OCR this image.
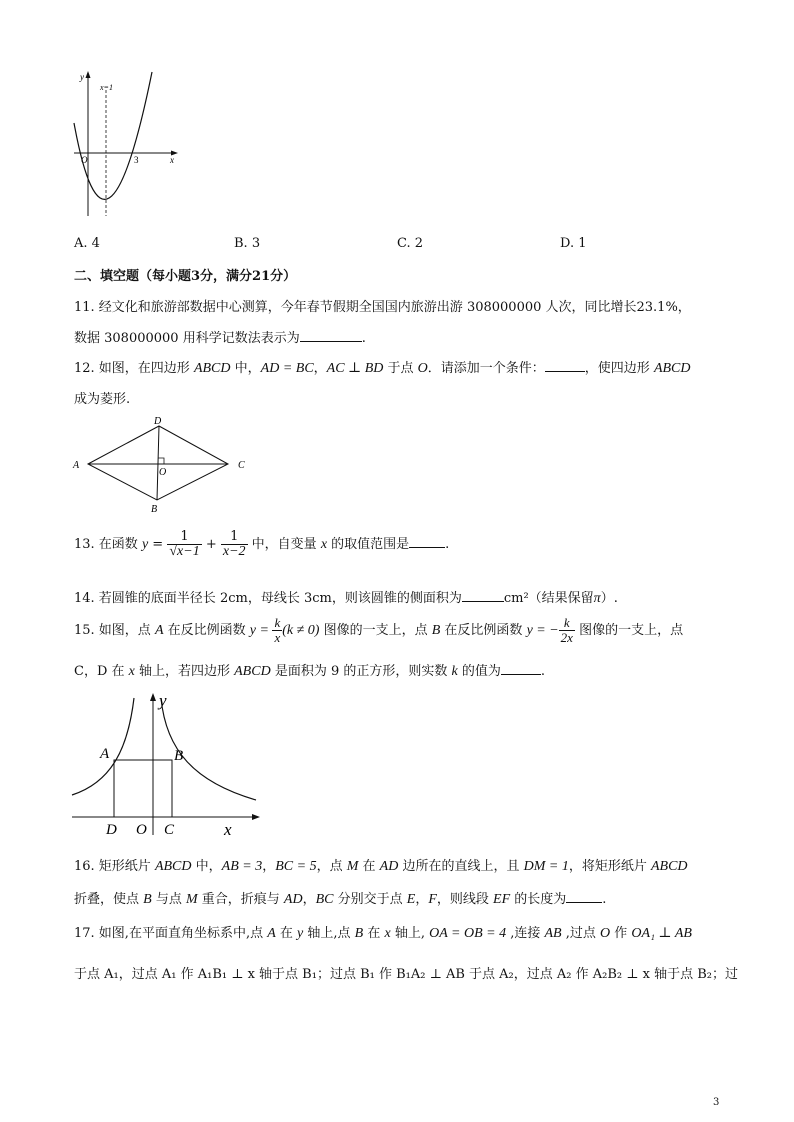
y
x
O
x=1
3
A. 4	B. 3	C. 2	D. 1
二、填空题（每小题3分，满分21分）
11. 经文化和旅游部数据中心测算，今年春节假期全国国内旅游出游 308000000 人次，同比增长23.1%，
数据 308000000 用科学记数法表示为	.
12. 如图，在四边形 ABCD 中，AD = BC，AC ⊥ BD 于点 O．请添加一个条件：	，使四边形 ABCD
成为菱形.
D
A	C
B
O
13. 在函数 $y = \frac{1}{√x-1} + \frac{1}{x-2}$ 中，自变量 x 的取值范围是	.
14. 若圆锥的底面半径长 2cm，母线长 3cm，则该圆锥的侧面积为	cm²（结果保留π）.
15. 如图，点 A 在反比例函数 $y = \frac{k}{x} (k \ne 0)$ 图像的一支上，点 B 在反比例函数 y = − $\frac{k}{2x}$ 图像的一支上，点
C，D 在 x 轴上，若四边形 ABCD 是面积为 9 的正方形，则实数 k 的值为	.
y
x
A	B
D O C
16. 矩形纸片 ABCD 中，AB = 3，BC = 5，点 M 在 AD 边所在的直线上，且 DM = 1，将矩形纸片 ABCD
折叠，使点 B 与点 M 重合，折痕与 AD，BC 分别交于点 E，F，则线段 EF 的长度为	.
17. 如图,在平面直角坐标系中,点 A 在 y 轴上,点 B 在 x 轴上, OA = OB = 4 ,连接 AB ,过点 O 作 OA₁ ⊥ AB
于点 A₁，过点 A₁ 作 A₁B₁ ⊥ x 轴于点 B₁；过点 B₁ 作 B₁A₂ ⊥ AB 于点 A₂，过点 A₂ 作 A₂B₂ ⊥ x 轴于点 B₂；过
3
